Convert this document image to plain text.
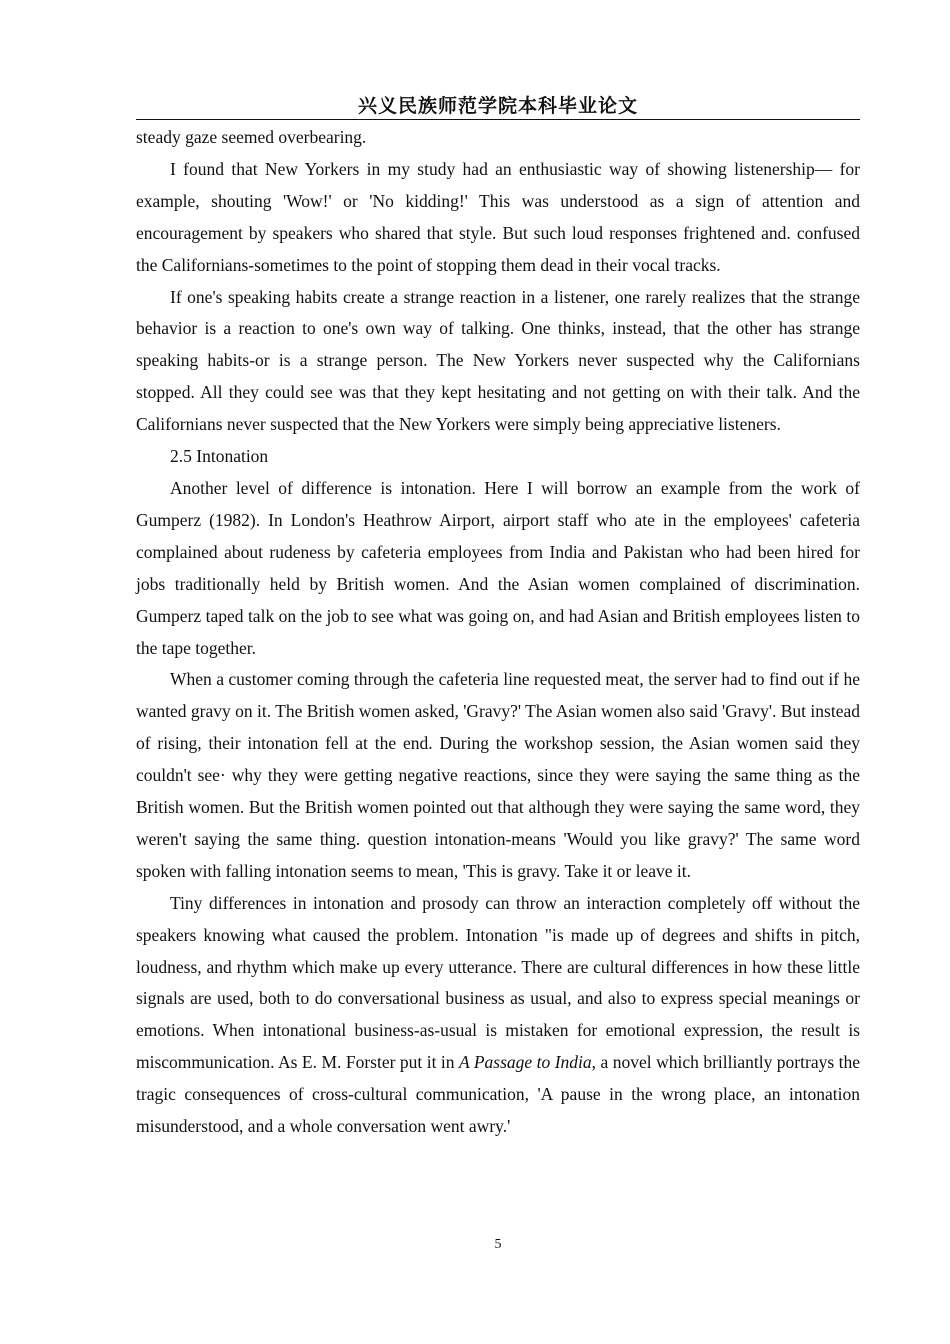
兴义民族师范学院本科毕业论文

steady gaze seemed overbearing.

I found that New Yorkers in my study had an enthusiastic way of showing listenership— for example, shouting 'Wow!' or 'No kidding!' This was understood as a sign of attention and encouragement by speakers who shared that style. But such loud responses frightened and. confused the Californians-sometimes to the point of stopping them dead in their vocal tracks.

If one's speaking habits create a strange reaction in a listener, one rarely realizes that the strange behavior is a reaction to one's own way of talking. One thinks, instead, that the other has strange speaking habits-or is a strange person. The New Yorkers never suspected why the Californians stopped. All they could see was that they kept hesitating and not getting on with their talk. And the Californians never suspected that the New Yorkers were simply being appreciative listeners.

2.5 Intonation

Another level of difference is intonation. Here I will borrow an example from the work of Gumperz (1982). In London's Heathrow Airport, airport staff who ate in the employees' cafeteria complained about rudeness by cafeteria employees from India and Pakistan who had been hired for jobs traditionally held by British women. And the Asian women complained of discrimination. Gumperz taped talk on the job to see what was going on, and had Asian and British employees listen to the tape together.

When a customer coming through the cafeteria line requested meat, the server had to find out if he wanted gravy on it. The British women asked, 'Gravy?' The Asian women also said 'Gravy'. But instead of rising, their intonation fell at the end. During the workshop session, the Asian women said they couldn't see· why they were getting negative reactions, since they were saying the same thing as the British women. But the British women pointed out that although they were saying the same word, they weren't saying the same thing. question intonation-means 'Would you like gravy?' The same word spoken with falling intonation seems to mean, 'This is gravy. Take it or leave it.

Tiny differences in intonation and prosody can throw an interaction completely off without the speakers knowing what caused the problem. Intonation "is made up of degrees and shifts in pitch, loudness, and rhythm which make up every utterance. There are cultural differences in how these little signals are used, both to do conversational business as usual, and also to express special meanings or emotions. When intonational business-as-usual is mistaken for emotional expression, the result is miscommunication. As E. M. Forster put it in A Passage to India, a novel which brilliantly portrays the tragic consequences of cross-cultural communication, 'A pause in the wrong place, an intonation misunderstood, and a whole conversation went awry.'

5
